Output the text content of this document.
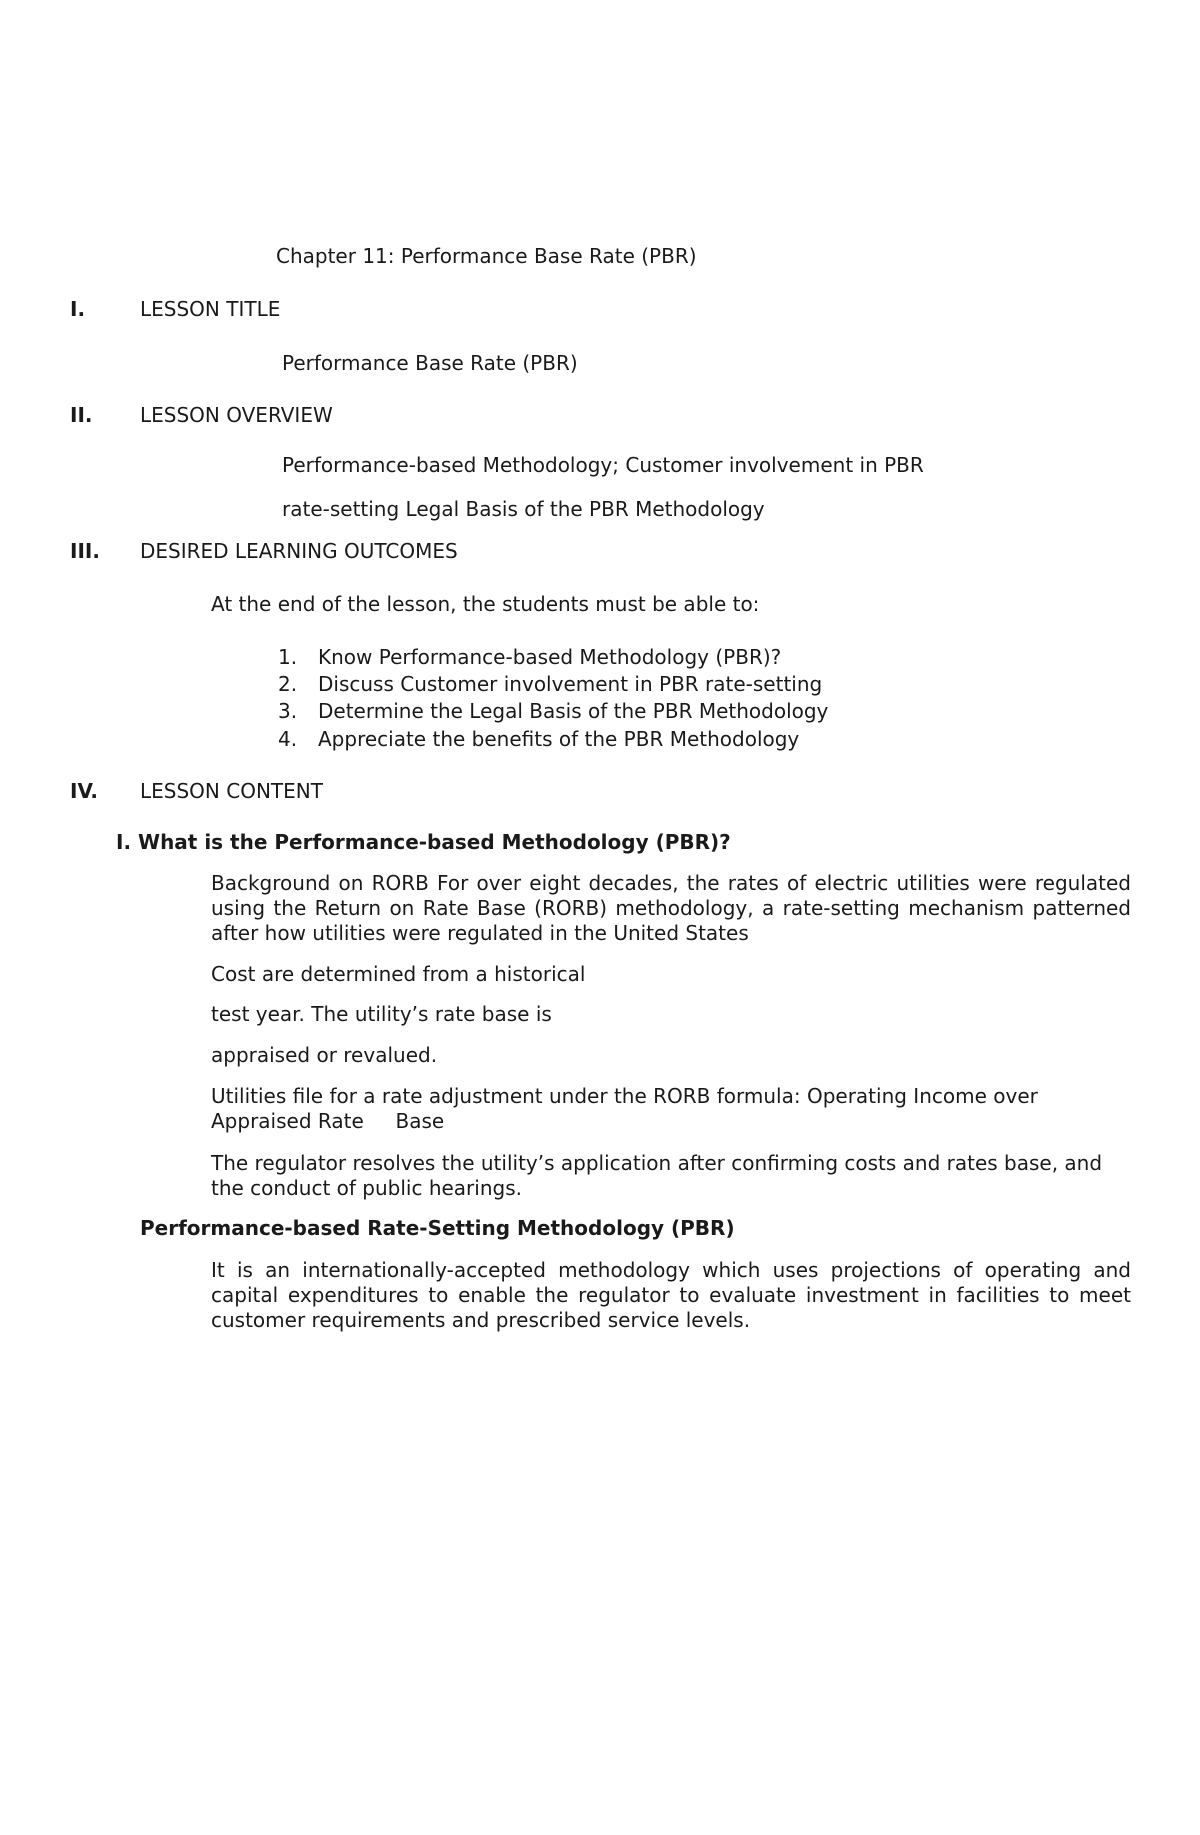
Chapter 11: Performance Base Rate (PBR)
I.	LESSON TITLE
Performance Base Rate (PBR)
II. LESSON OVERVIEW
Performance-based Methodology; Customer involvement in PBR
rate-setting Legal Basis of the PBR Methodology
III. DESIRED LEARNING OUTCOMES
At the end of the lesson, the students must be able to:
1. Know Performance-based Methodology (PBR)?
2. Discuss Customer involvement in PBR rate-setting
3. Determine the Legal Basis of the PBR Methodology
4. Appreciate the benefits of the PBR Methodology
IV. LESSON CONTENT
I. What is the Performance-based Methodology (PBR)?
Background on RORB For over eight decades, the rates of electric utilities were regulated using the Return on Rate Base (RORB) methodology, a rate-setting mechanism patterned after how utilities were regulated in the United States
Cost are determined from a historical
test year. The utility’s rate base is
appraised or revalued.
Utilities file for a rate adjustment under the RORB formula: Operating Income over Appraised Rate     Base
The regulator resolves the utility’s application after confirming costs and rates base, and the conduct of public hearings.
Performance-based Rate-Setting Methodology (PBR)
It is an internationally-accepted methodology which uses projections of operating and capital expenditures to enable the regulator to evaluate investment in facilities to meet customer requirements and prescribed service levels.
